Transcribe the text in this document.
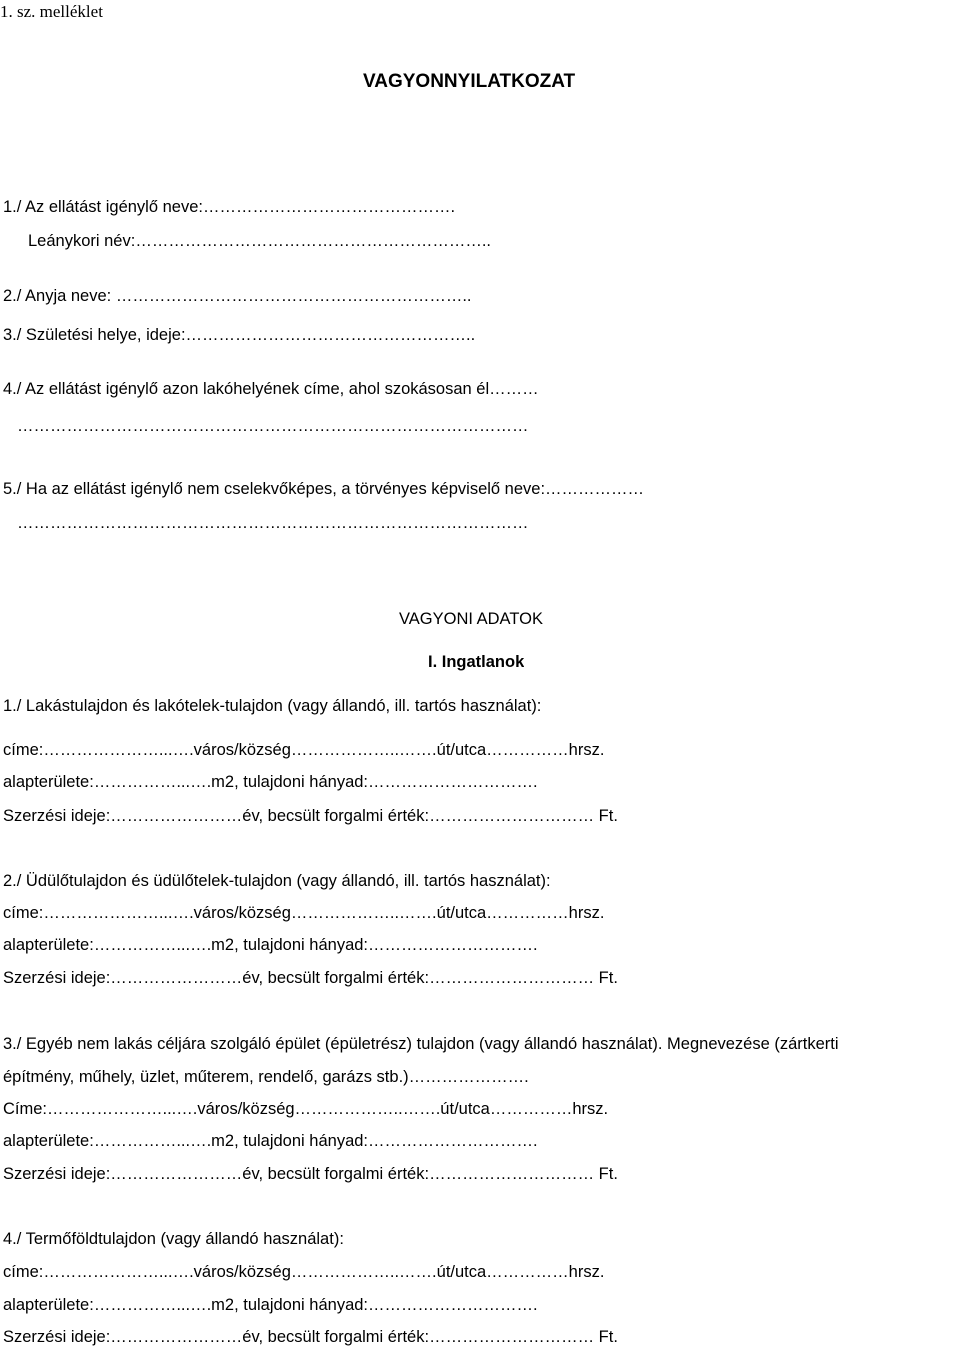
1. sz. melléklet
VAGYONNYILATKOZAT
1./ Az ellátást igénylő neve:……………………………………….
Leánykori név:………………………………………………………..
2./ Anyja neve: ………………………………………………………..
3./ Születési helye, ideje:……………………………………………..
4./ Az ellátást igénylő azon lakóhelyének címe, ahol szokásosan él………
…………………………………………………………………………………
5./ Ha az ellátást igénylő nem cselekvőképes, a törvényes képviselő neve:………………
…………………………………………………………………………………
VAGYONI ADATOK
I. Ingatlanok
1./ Lakástulajdon és lakótelek-tulajdon (vagy állandó, ill. tartós használat):
címe:…………………...….város/község………………..…….út/utca……………hrsz.
alapterülete:……………...….m2, tulajdoni hányad:………………………….
Szerzési ideje:……………………év, becsült forgalmi érték:………………………… Ft.
2./ Üdülőtulajdon és üdülőtelek-tulajdon (vagy állandó, ill. tartós használat):
címe:…………………...….város/község………………..…….út/utca……………hrsz.
alapterülete:……………...….m2, tulajdoni hányad:………………………….
Szerzési ideje:……………………év, becsült forgalmi érték:………………………… Ft.
3./ Egyéb nem lakás céljára szolgáló épület (épületrész) tulajdon (vagy állandó használat). Megnevezése (zártkerti
építmény, műhely, üzlet, műterem, rendelő, garázs stb.)………………….
Címe:…………………...….város/község………………..…….út/utca……………hrsz.
alapterülete:……………...….m2, tulajdoni hányad:………………………….
Szerzési ideje:……………………év, becsült forgalmi érték:………………………… Ft.
4./ Termőföldtulajdon (vagy állandó használat):
címe:…………………...….város/község………………..…….út/utca……………hrsz.
alapterülete:……………...….m2, tulajdoni hányad:………………………….
Szerzési ideje:……………………év, becsült forgalmi érték:………………………… Ft.
